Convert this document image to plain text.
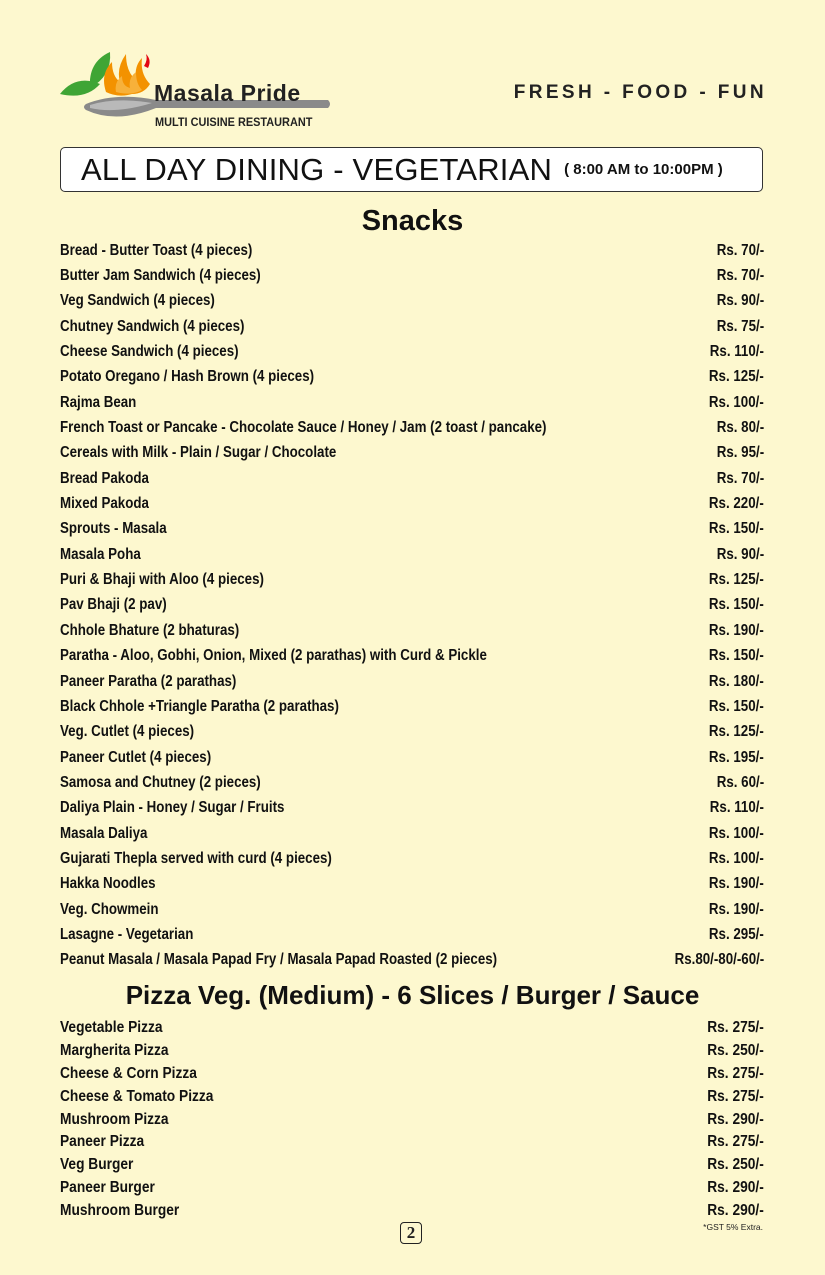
Masala Pride
MULTI CUISINE RESTAURANT
FRESH - FOOD - FUN
ALL DAY DINING - VEGETARIAN ( 8:00 AM to 10:00PM )
Snacks
Bread - Butter Toast (4 pieces)	Rs. 70/-
Butter Jam Sandwich (4 pieces)	Rs. 70/-
Veg Sandwich (4 pieces)	Rs. 90/-
Chutney Sandwich (4 pieces)	Rs. 75/-
Cheese Sandwich (4 pieces)	Rs. 110/-
Potato Oregano / Hash Brown (4 pieces)	Rs. 125/-
Rajma Bean	Rs. 100/-
French Toast or Pancake - Chocolate Sauce / Honey / Jam (2 toast / pancake)	Rs. 80/-
Cereals with Milk - Plain / Sugar / Chocolate	Rs. 95/-
Bread Pakoda	Rs. 70/-
Mixed Pakoda	Rs. 220/-
Sprouts - Masala	Rs. 150/-
Masala Poha	Rs. 90/-
Puri & Bhaji with Aloo (4 pieces)	Rs. 125/-
Pav Bhaji (2 pav)	Rs. 150/-
Chhole Bhature (2 bhaturas)	Rs. 190/-
Paratha - Aloo, Gobhi, Onion, Mixed (2 parathas) with Curd & Pickle	Rs. 150/-
Paneer Paratha (2 parathas)	Rs. 180/-
Black Chhole +Triangle Paratha (2 parathas)	Rs. 150/-
Veg. Cutlet (4 pieces)	Rs. 125/-
Paneer Cutlet (4 pieces)	Rs. 195/-
Samosa and Chutney (2 pieces)	Rs. 60/-
Daliya Plain - Honey / Sugar / Fruits	Rs. 110/-
Masala Daliya	Rs. 100/-
Gujarati Thepla served with curd (4 pieces)	Rs. 100/-
Hakka Noodles	Rs. 190/-
Veg. Chowmein	Rs. 190/-
Lasagne - Vegetarian	Rs. 295/-
Peanut Masala / Masala Papad Fry / Masala Papad Roasted (2 pieces)	Rs.80/-80/-60/-
Pizza Veg. (Medium) - 6 Slices / Burger / Sauce
Vegetable Pizza	Rs. 275/-
Margherita Pizza	Rs. 250/-
Cheese & Corn Pizza	Rs. 275/-
Cheese & Tomato Pizza	Rs. 275/-
Mushroom Pizza	Rs. 290/-
Paneer Pizza	Rs. 275/-
Veg Burger	Rs. 250/-
Paneer Burger	Rs. 290/-
Mushroom Burger	Rs. 290/-
2	*GST 5% Extra.
